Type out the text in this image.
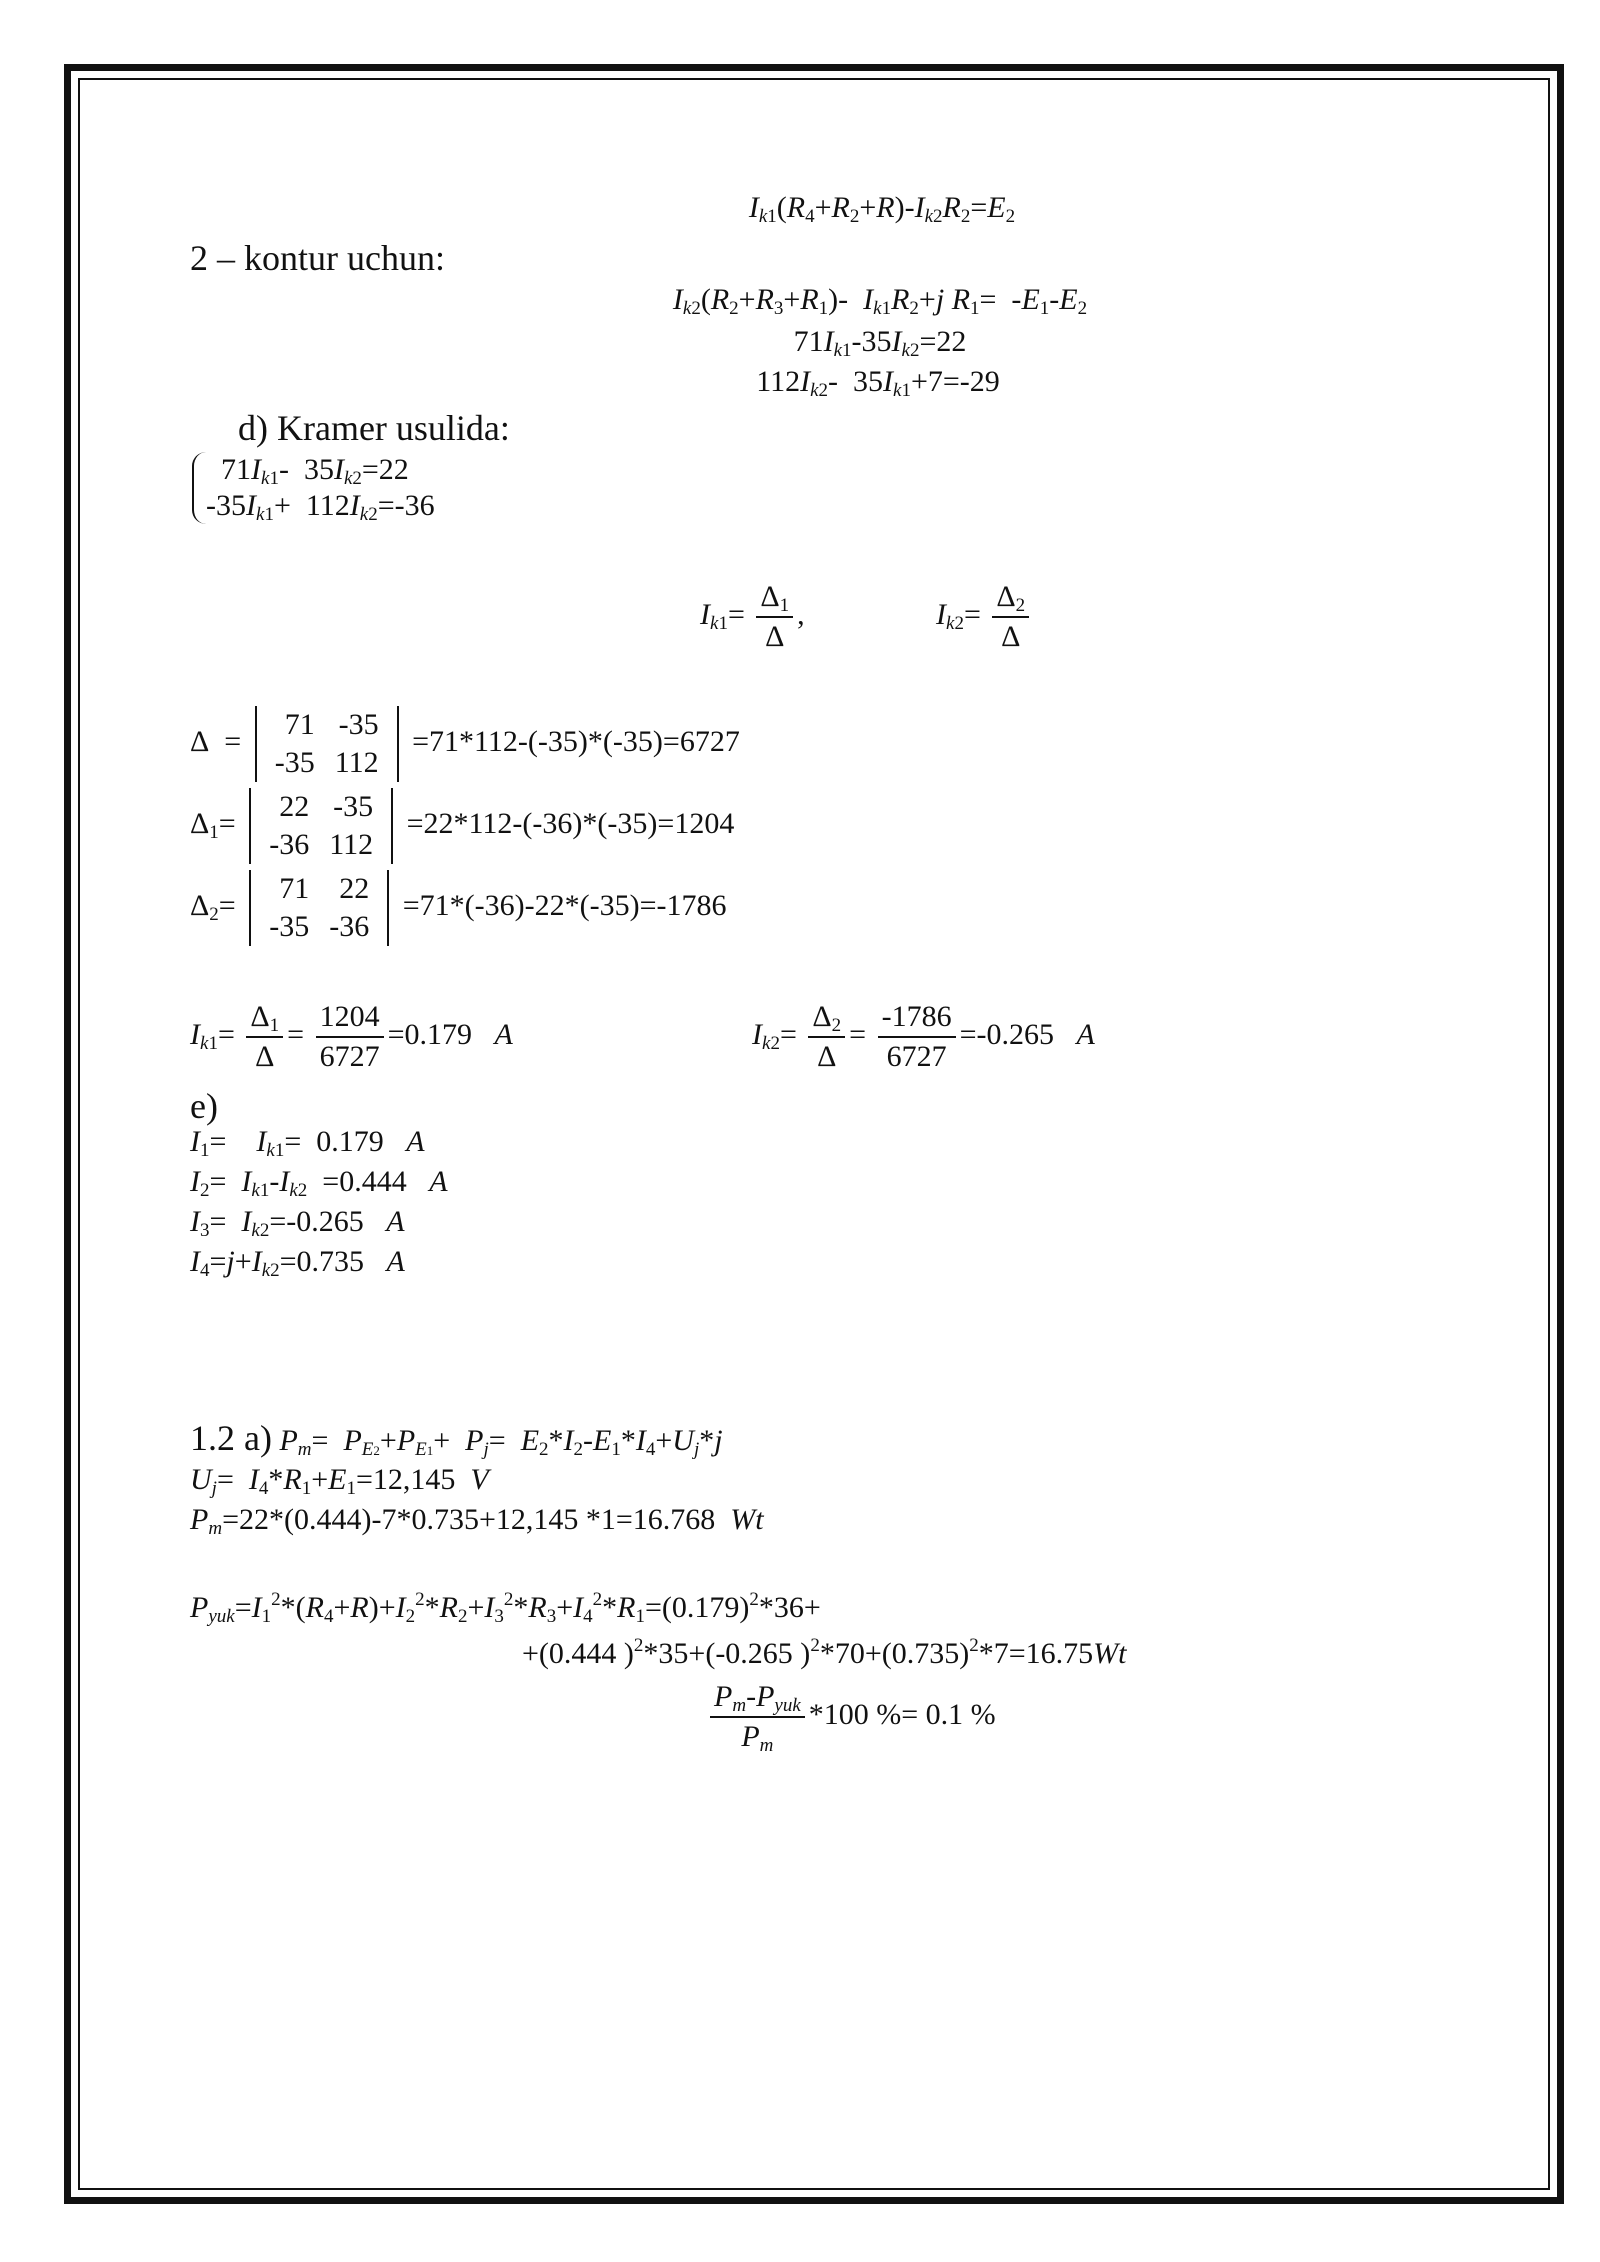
$I_{k1}(R_4+R_2+R)-I_{k2}R_2=E_2$
2 – kontur uchun:
$I_{k2}(R_2+R_3+R_1)-$  $I_{k1}R_2+j$ $R_1= -E_1-E_2$
$71I_{k1}-35I_{k2}=22$
$112I_{k2}-$  $35I_{k1}+7=-29$
d) Kramer usulida:
$71I_{k1}-$  $35I_{k2}=22$
$-35I_{k1}+ 112I_{k2}=-36$
$I_{k1}= \frac{\Delta_1}{\Delta}$ ,	$I_{k2}= \frac{\Delta_2}{\Delta}$
Δ  =
71	-35
-35	112
=71*112-(-35)*(-35)=6727
$\Delta_1=$
22	-35
-36	112
=22*112-(-36)*(-35)=1204
$\Delta_2=$
71	22
-35	-36
=71*(-36)-22*(-35)=-1786
$I_{k1}= \frac{\Delta_1}{\Delta} = \frac{1204}{6727} =0.179$ A	$I_{k2}= \frac{\Delta_2}{\Delta} = \frac{-1786}{6727} =-0.265$ A
e)
$I_1=$    $I_{k1}= 0.179$ A
$I_2= I_{k1}-I_{k2} =0.444$ A
$I_3= I_{k2}=-0.265$ A
$I_4=j+I_{k2}=0.735$ A
1.2 a) $P_m= P_{E2}+P_{E1}+ P_j= E_2*I_2-E_1*I_4+U_j*j$
$U_j= I_4*R_1+E_1=12,145$ V
$P_m=22*(0.444)-7*0.735+12,145$ *1=16.768 Wt
$P_{yuk}=I_1^2*(R_4+R)+I_2^2*R_2+I_3^2*R_3+I_4^2*R_1=(0.179)^2*36+$
+(0.444 )$^2$*35+(-0.265 )$^2*70+(0.735)^2*7=16.75Wt$
$\frac{P_m-P_{yuk}}{P_m} *100$ %= 0.1 %
